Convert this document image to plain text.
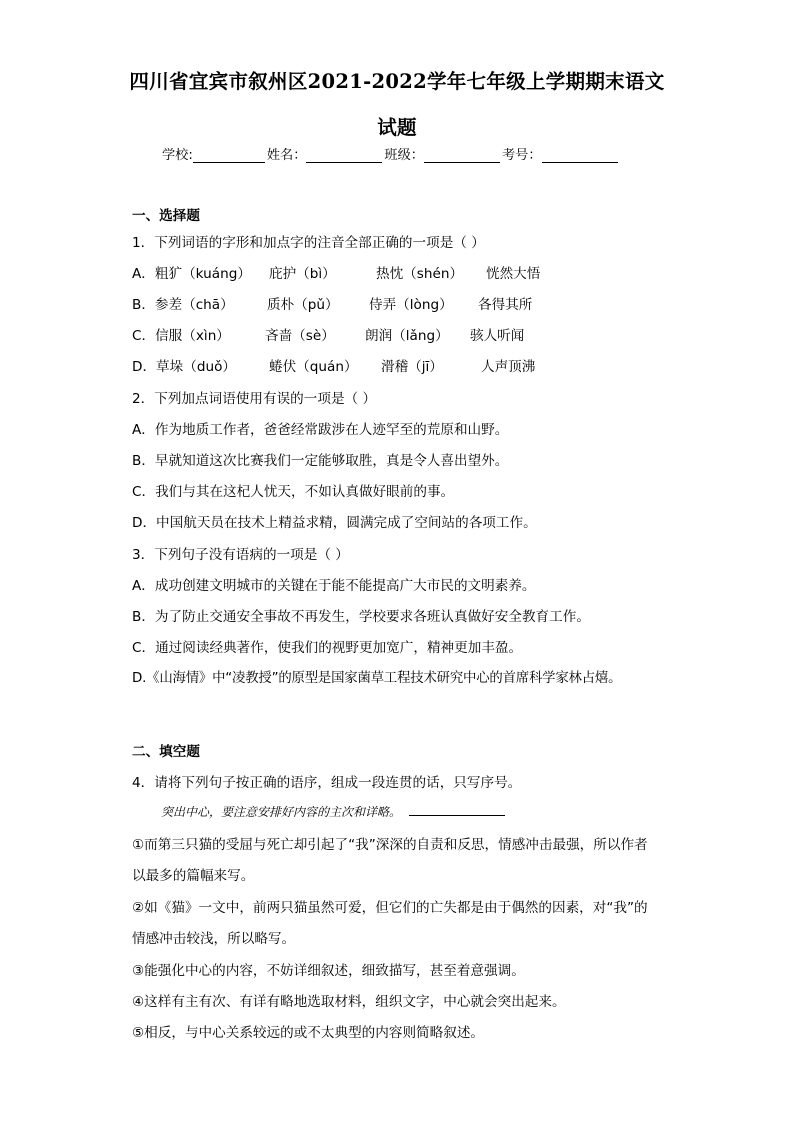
四川省宜宾市叙州区2021-2022学年七年级上学期期末语文
试题
学校:	姓名：	班级：	考号：
一、选择题
1．下列词语的字形和加点字的注音全部正确的一项是（ ）
A．粗犷（kuáng） 庇护（bì）	热忱（shén） 恍然大悟
B．参差（chā） 质朴（pǔ） 侍弄（lòng） 各得其所
C．信服（xìn）	吝啬（sè） 朗润（lǎng） 骇人听闻
D．草垛（duǒ） 蜷伏（quán） 滑稽（jī）	人声顶沸
2．下列加点词语使用有误的一项是（ ）
A．作为地质工作者，爸爸经常跋涉在人迹罕至的荒原和山野。
B．早就知道这次比赛我们一定能够取胜，真是令人喜出望外。
C．我们与其在这杞人忧天，不如认真做好眼前的事。
D．中国航天员在技术上精益求精，圆满完成了空间站的各项工作。
3．下列句子没有语病的一项是（ ）
A．成功创建文明城市的关键在于能不能提高广大市民的文明素养。
B．为了防止交通安全事故不再发生，学校要求各班认真做好安全教育工作。
C．通过阅读经典著作，使我们的视野更加宽广，精神更加丰盈。
D.《山海情》中“凌教授”的原型是国家菌草工程技术研究中心的首席科学家林占熺。
二、填空题
4．请将下列句子按正确的语序，组成一段连贯的话，只写序号。
突出中心，要注意安排好内容的主次和详略。
①而第三只猫的受屈与死亡却引起了“我”深深的自责和反思，情感冲击最强，所以作者
以最多的篇幅来写。
②如《猫》一文中，前两只猫虽然可爱，但它们的亡失都是由于偶然的因素，对“我”的
情感冲击较浅，所以略写。
③能强化中心的内容，不妨详细叙述，细致描写，甚至着意强调。
④这样有主有次、有详有略地选取材料，组织文字，中心就会突出起来。
⑤相反，与中心关系较远的或不太典型的内容则简略叙述。
